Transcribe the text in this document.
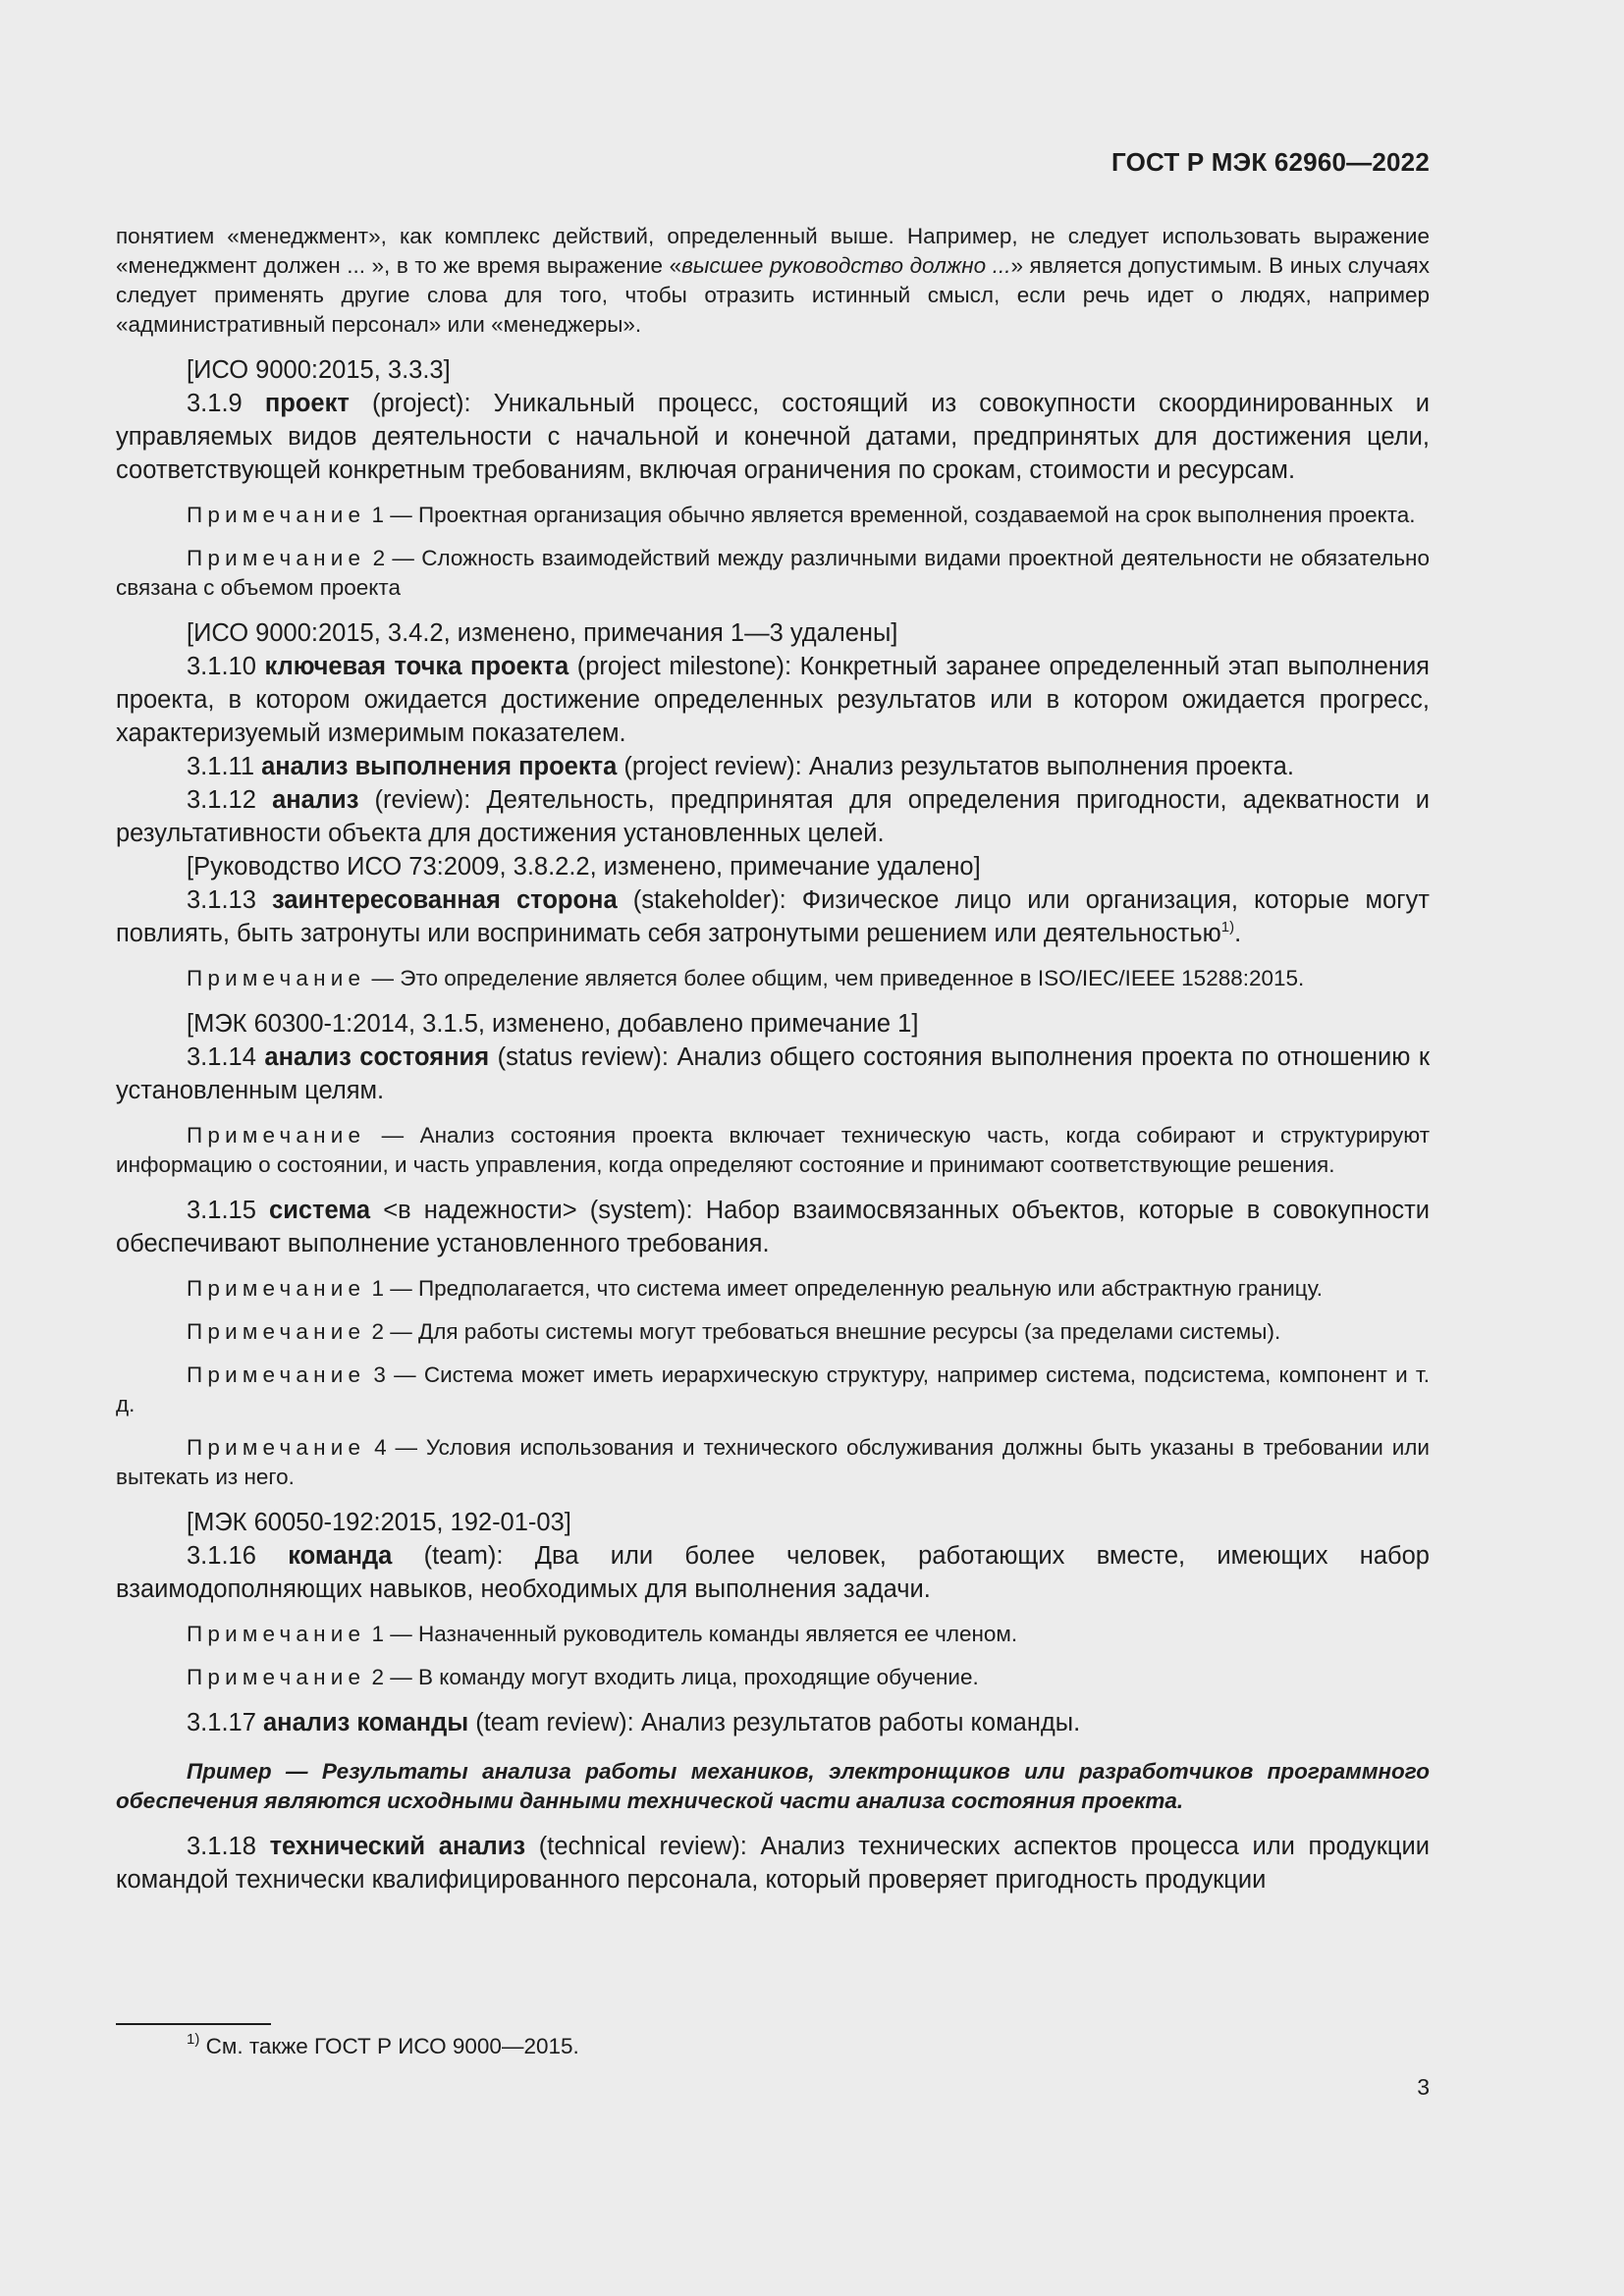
ГОСТ Р МЭК 62960—2022

понятием «менеджмент», как комплекс действий, определенный выше. Например, не следует использовать выражение «менеджмент должен ... », в то же время выражение «высшее руководство должно ...» является допустимым. В иных случаях следует применять другие слова для того, чтобы отразить истинный смысл, если речь идет о людях, например «административный персонал» или «менеджеры».

[ИСО 9000:2015, 3.3.3]

3.1.9 проект (project): Уникальный процесс, состоящий из совокупности скоординированных и управляемых видов деятельности с начальной и конечной датами, предпринятых для достижения цели, соответствующей конкретным требованиям, включая ограничения по срокам, стоимости и ресурсам.

Примечание 1 — Проектная организация обычно является временной, создаваемой на срок выполнения проекта.

Примечание 2 — Сложность взаимодействий между различными видами проектной деятельности не обязательно связана с объемом проекта

[ИСО 9000:2015, 3.4.2, изменено, примечания 1—3 удалены]

3.1.10 ключевая точка проекта (project milestone): Конкретный заранее определенный этап выполнения проекта, в котором ожидается достижение определенных результатов или в котором ожидается прогресс, характеризуемый измеримым показателем.

3.1.11 анализ выполнения проекта (project review): Анализ результатов выполнения проекта.

3.1.12 анализ (review): Деятельность, предпринятая для определения пригодности, адекватности и результативности объекта для достижения установленных целей.

[Руководство ИСО 73:2009, 3.8.2.2, изменено, примечание удалено]

3.1.13 заинтересованная сторона (stakeholder): Физическое лицо или организация, которые могут повлиять, быть затронуты или воспринимать себя затронутыми решением или деятельностью$^{1)}$.

Примечание — Это определение является более общим, чем приведенное в ISO/IEC/IEEE 15288:2015.

[МЭК 60300-1:2014, 3.1.5, изменено, добавлено примечание 1]

3.1.14 анализ состояния (status review): Анализ общего состояния выполнения проекта по отношению к установленным целям.

Примечание — Анализ состояния проекта включает техническую часть, когда собирают и структурируют информацию о состоянии, и часть управления, когда определяют состояние и принимают соответствующие решения.

3.1.15 система <в надежности> (system): Набор взаимосвязанных объектов, которые в совокупности обеспечивают выполнение установленного требования.

Примечание 1 — Предполагается, что система имеет определенную реальную или абстрактную границу.

Примечание 2 — Для работы системы могут требоваться внешние ресурсы (за пределами системы).

Примечание 3 — Система может иметь иерархическую структуру, например система, подсистема, компонент и т. д.

Примечание 4 — Условия использования и технического обслуживания должны быть указаны в требовании или вытекать из него.

[МЭК 60050-192:2015, 192-01-03]

3.1.16 команда (team): Два или более человек, работающих вместе, имеющих набор взаимодополняющих навыков, необходимых для выполнения задачи.

Примечание 1 — Назначенный руководитель команды является ее членом.

Примечание 2 — В команду могут входить лица, проходящие обучение.

3.1.17 анализ команды (team review): Анализ результатов работы команды.

Пример — Результаты анализа работы механиков, электронщиков или разработчиков программного обеспечения являются исходными данными технической части анализа состояния проекта.

3.1.18 технический анализ (technical review): Анализ технических аспектов процесса или продукции командой технически квалифицированного персонала, который проверяет пригодность продукции

$^{1)}$ См. также ГОСТ Р ИСО 9000—2015.
3
